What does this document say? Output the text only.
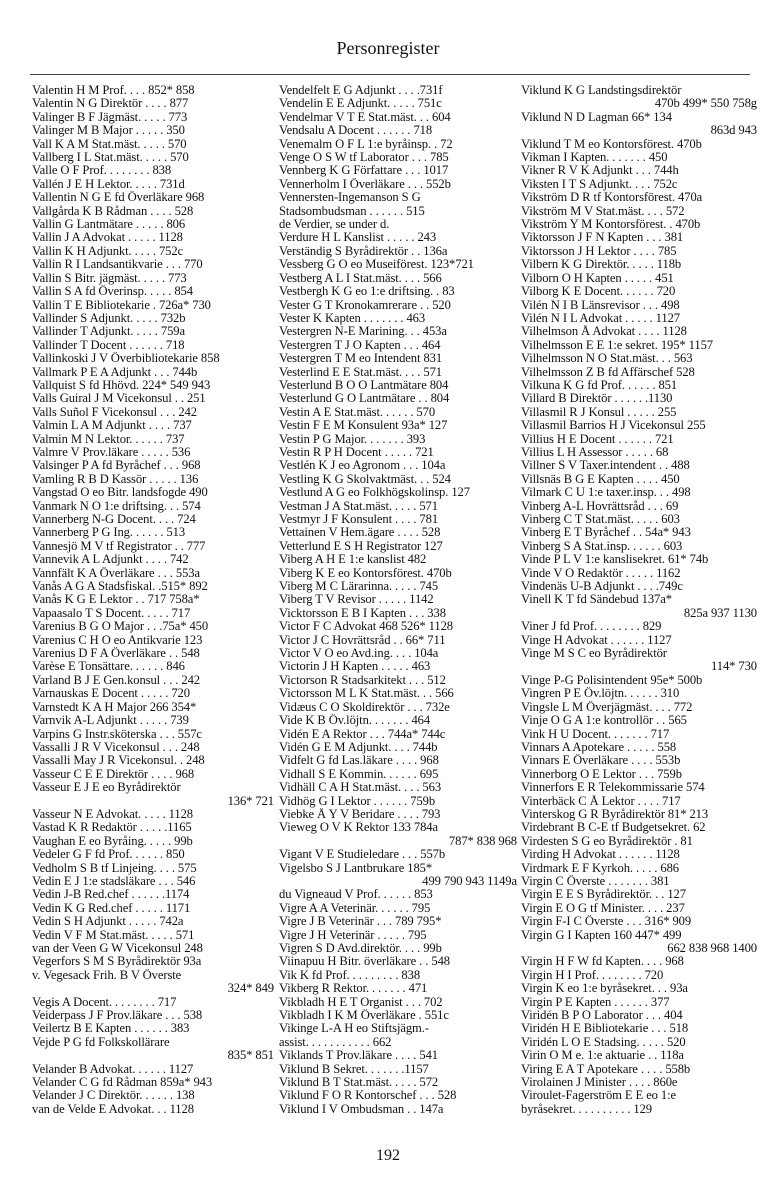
Personregister
Valentin H M Prof. . . . 852* 858
Valentin N G Direktör . . . . 877
Valinger B F Jägmäst. . . . . 773
Valinger M B Major . . . . . 350
Vall K A M Stat.mäst. . . . . 570
Vallberg I L Stat.mäst. . . . . 570
Valle O F Prof. . . . . . . . 838
Vallén J E H Lektor. . . . . 731d
Vallentin N G E fd Överläkare 968
Vallgårda K B Rådman . . . . 528
Vallin G Lantmätare . . . . . 806
Vallin J A Advokat . . . . . 1128
Vallin K H Adjunkt. . . . . 752c
Vallin R I Landsantikvarie . . . 770
Vallin S Bitr. jägmäst. . . . . 773
Vallin S A fd Överinsp. . . . . 854
Vallin T E Bibliotekarie . 726a* 730
Vallinder S Adjunkt. . . . . 732b
Vallinder T Adjunkt. . . . . 759a
Vallinder T Docent . . . . . . 718
Vallinkoski J V Överbibliotekarie 858
Vallmark P E A Adjunkt . . . 744b
Vallquist S fd Hhövd. 224* 549 943
Valls Guiral J M Vicekonsul . . 251
Valls Suñol F Vicekonsul . . . 242
Valmin L A M Adjunkt . . . . 737
Valmin M N Lektor. . . . . . 737
Valmre V Prov.läkare . . . . . 536
Valsinger P A fd Byråchef . . . 968
Vamling R B D Kassör . . . . . 136
Vangstad O eo Bitr. landsfogde 490
Vanmark N O 1:e driftsing. . . 574
Vannerberg N-G Docent. . . . 724
Vannerberg P G Ing. . . . . . 513
Vannesjö M V tf Registrator . . 777
Vannevik A L Adjunkt . . . . 742
Vannfält K A Överläkare . . . 553a
Vanås A G A Stadsfiskal. .515* 892
Vanås K G E Lektor . . 717 758a*
Vapaasalo T S Docent. . . . . 717
Varenius B G O Major . . .75a* 450
Varenius C H O eo Antikvarie 123
Varenius D F A Överläkare . . 548
Varèse E Tonsättare. . . . . . 846
Varland B J E Gen.konsul . . . 242
Varnauskas E Docent . . . . . 720
Varnstedt K A H Major 266 354*
Varnvik A-L Adjunkt . . . . . 739
Varpins G Instr.sköterska . . . 557c
Vassalli J R V Vicekonsul . . . 248
Vassalli May J R Vicekonsul. . 248
Vasseur C E E Direktör . . . . 968
Vasseur E J E eo Byrådirektör
136* 721
Vasseur N E Advokat. . . . . 1128
Vastad K R Redaktör . . . . .1165
Vaughan E eo Byråing. . . . . 99b
Vedeler G F fd Prof. . . . . . 850
Vedholm S B tf Linjeing. . . . 575
Vedin E J 1:e stadsläkare . . . 546
Vedin J-B Red.chef . . . . . .1174
Vedin K G Red.chef . . . . . 1171
Vedin S H Adjunkt . . . . . 742a
Vedin V F M Stat.mäst. . . . . 571
van der Veen G W Vicekonsul 248
Vegerfors S M S Byrådirektör 93a
v. Vegesack Frih. B V Överste
324* 849
Vegis A Docent. . . . . . . . 717
Veiderpass J F Prov.läkare . . . 538
Veilertz B E Kapten . . . . . . 383
Vejde P G fd Folkskollärare
835* 851
Velander B Advokat. . . . . . 1127
Velander C G fd Rådman 859a* 943
Velander J C Direktör. . . . . . 138
van de Velde E Advokat. . . 1128
Vendelfelt E G Adjunkt . . . .731f
Vendelin E E Adjunkt. . . . . 751c
Vendelmar V T E Stat.mäst. . . 604
Vendsalu A Docent . . . . . . 718
Venemalm O F L 1:e byråinsp. . 72
Venge O S W tf Laborator . . . 785
Vennberg K G Författare . . . 1017
Vennerholm I Överläkare . . . 552b
Vennersten-Ingemanson S G
Stadsombudsman . . . . . . 515
de Verdier, se under d.
Verdure H L Kanslist . . . . . 243
Verständig S Byrådirektör . . 136a
Vessberg G O eo Museiförest. 123*721
Vestberg A L I Stat.mäst. . . . 566
Vestbergh K G eo 1:e driftsing. . 83
Vester G T Kronokamrerare . . 520
Vester K Kapten . . . . . . . 463
Vestergren N-E Marining. . . 453a
Vestergren T J O Kapten . . . 464
Vestergren T M eo Intendent 831
Vesterlind E E Stat.mäst. . . . 571
Vesterlund B O O Lantmätare 804
Vesterlund G O Lantmätare . . 804
Vestin A E Stat.mäst. . . . . . 570
Vestin F E M Konsulent 93a* 127
Vestin P G Major. . . . . . . 393
Vestin R P H Docent . . . . . 721
Vestlén K J eo Agronom . . . 104a
Vestling K G Skolvaktmäst. . . 524
Vestlund A G eo Folkhögskolinsp. 127
Vestman J A Stat.mäst. . . . . 571
Vestmyr J F Konsulent . . . . 781
Vettainen V Hem.ägare . . . . 528
Vetterlund E S H Registrator 127
Viberg A H E 1:e kanslist 482
Viberg K E eo Kontorsförest. 470b
Viberg M C Lärarinna. . . . . 745
Viberg T V Revisor . . . . . 1142
Vicktorsson E B I Kapten . . . 338
Victor F C Advokat 468 526* 1128
Victor J C Hovrättsråd . . 66* 711
Victor V O eo Avd.ing. . . . 104a
Victorin J H Kapten . . . . . 463
Victorson R Stadsarkitekt . . . 512
Victorsson M L K Stat.mäst. . . 566
Vidæus C O Skoldirektör . . . 732e
Vide K B Öv.löjtn. . . . . . . 464
Vidén E A Rektor . . . 744a* 744c
Vidén G E M Adjunkt. . . . 744b
Vidfelt G fd Las.läkare . . . . 968
Vidhall S E Kommin. . . . . . 695
Vidhäll C A H Stat.mäst. . . . 563
Vidhög G I Lektor . . . . . . 759b
Viebke Å Y V Beridare . . . . 793
Vieweg O V K Rektor 133 784a
787* 838 968
Vigant V E Studieledare . . . 557b
Vigelsbo S J Lantbrukare 185*
499 790 943 1149a
du Vigneaud V Prof. . . . . . 853
Vigre A A Veterinär. . . . . . 795
Vigre J B Veterinär . . . 789 795*
Vigre J H Veterinär . . . . . 795
Vigren S D Avd.direktör. . . . 99b
Viinapuu H Bitr. överläkare . . 548
Vik K fd Prof. . . . . . . . . 838
Vikberg R Rektor. . . . . . . 471
Vikbladh H E T Organist . . . 702
Vikbladh I K M Överläkare . 551c
Vikinge L-A H eo Stiftsjägm.-
assist. . . . . . . . . . . 662
Viklands T Prov.läkare . . . . 541
Viklund B Sekret. . . . . . .1157
Viklund B T Stat.mäst. . . . . 572
Viklund F O R Kontorschef . . . 528
Viklund I V Ombudsman . . 147a
Viklund K G Landstingsdirektör
470b 499* 550 758g
Viklund N D Lagman 66* 134
863d 943
Viklund T M eo Kontorsförest. 470b
Vikman I Kapten. . . . . . . 450
Vikner R V K Adjunkt . . . 744h
Viksten I T S Adjunkt. . . . 752c
Vikström D R tf Kontorsförest. 470a
Vikström M V Stat.mäst. . . . 572
Vikström Y M Kontorsförest. . 470b
Viktorsson J F N Kapten . . . 381
Viktorsson J H Lektor . . . . 785
Vilbern K G Direktör. . . . . 118b
Vilborn O H Kapten . . . . . 451
Vilborg K E Docent. . . . . . 720
Vilén N I B Länsrevisor . . . 498
Vilén N I L Advokat . . . . . 1127
Vilhelmson Å Advokat . . . . 1128
Vilhelmsson E E 1:e sekret. 195* 1157
Vilhelmsson N O Stat.mäst. . . 563
Vilhelmsson Z B fd Affärschef 528
Vilkuna K G fd Prof. . . . . . 851
Villard B Direktör . . . . . .1130
Villasmil R J Konsul . . . . . 255
Villasmil Barrios H J Vicekonsul 255
Villius H E Docent . . . . . . 721
Villius L H Assessor . . . . . 68
Villner S V Taxer.intendent . . 488
Villsnäs B G E Kapten . . . . 450
Vilmark C U 1:e taxer.insp. . . 498
Vinberg A-L Hovrättsråd . . . 69
Vinberg C T Stat.mäst. . . . . 603
Vinberg E T Byråchef . . 54a* 943
Vinberg S A Stat.insp. . . . . . 603
Vinde P L V 1:e kanslisekret. 61* 74b
Vinde V O Redaktör . . . . . 1162
Vindenäs U-B Adjunkt . . . .749c
Vinell K T fd Sändebud 137a*
825a 937 1130
Viner J fd Prof. . . . . . . . 829
Vinge H Advokat . . . . . . 1127
Vinge M S C eo Byrådirektör
114* 730
Vinge P-G Polisintendent 95e* 500b
Vingren P E Öv.löjtn. . . . . . 310
Vingsle L M Överjägmäst. . . . 772
Vinje O G A 1:e kontrollör . . 565
Vink H U Docent. . . . . . . 717
Vinnars A Apotekare . . . . . 558
Vinnars E Överläkare . . . . 553b
Vinnerborg O E Lektor . . . 759b
Vinnerfors E R Telekommissarie 574
Vinterbäck C Å Lektor . . . . 717
Vinterskog G R Byrådirektör 81* 213
Virdebrant B C-E tf Budgetsekret. 62
Virdesten S G eo Byrådirektör . 81
Virding H Advokat . . . . . . 1128
Virdmark E F Kyrkoh. . . . . 686
Virgin C Överste . . . . . . . 381
Virgin E E S Byrådirektör. . . 127
Virgin E O G tf Minister. . . . 237
Virgin F-I C Överste . . . 316* 909
Virgin G I Kapten 160 447* 499
662 838 968 1400
Virgin H F W fd Kapten. . . . 968
Virgin H I Prof. . . . . . . . 720
Virgin K eo 1:e byråsekret. . . 93a
Virgin P E Kapten . . . . . . 377
Viridén B P O Laborator . . . 404
Viridén H E Bibliotekarie . . . 518
Viridén L O E Stadsing. . . . . 520
Virin O M e. 1:e aktuarie . . 118a
Viring E A T Apotekare . . . . 558b
Virolainen J Minister . . . . 860e
Viroulet-Fagerström E E eo 1:e
byråsekret. . . . . . . . . . 129
192
